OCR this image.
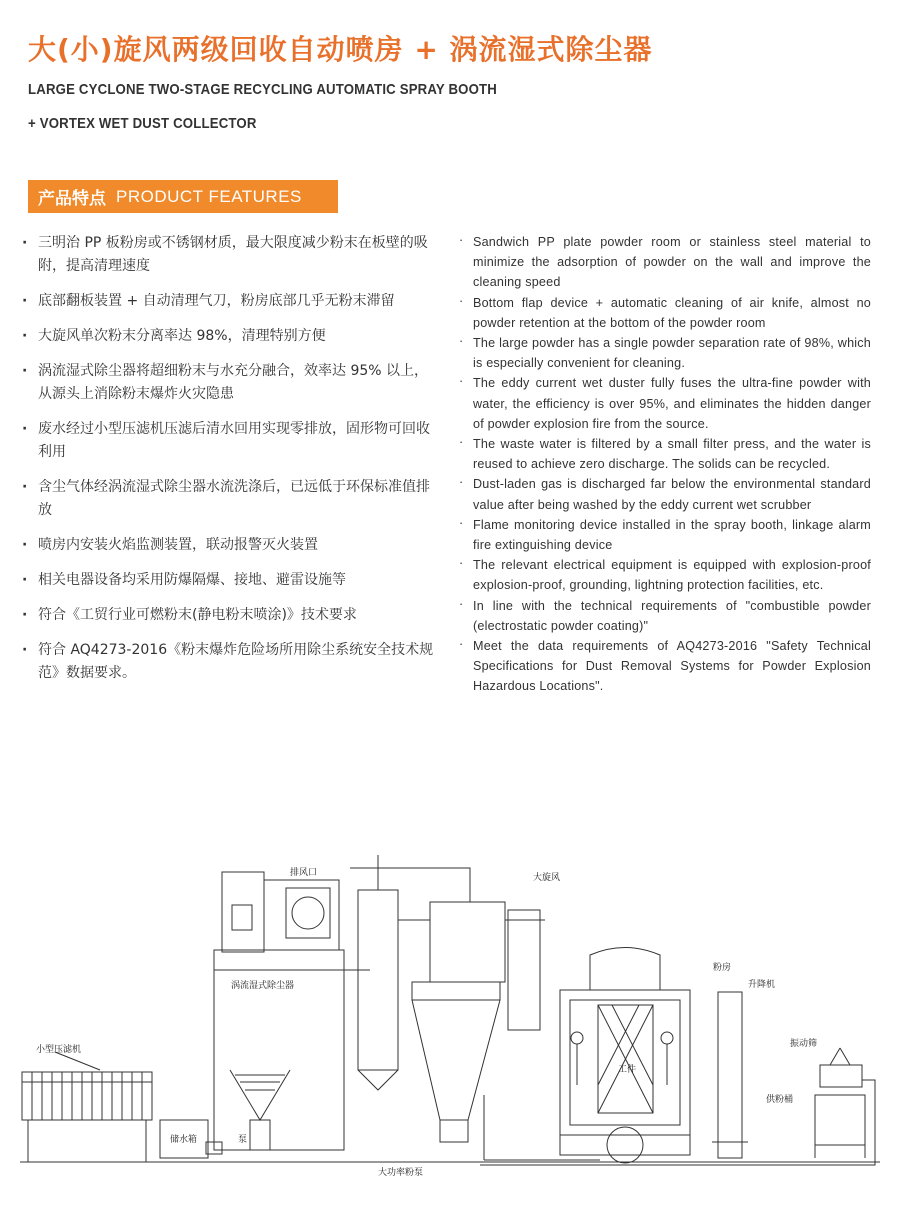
大(小)旋风两级回收自动喷房 + 涡流湿式除尘器
LARGE CYCLONE TWO-STAGE RECYCLING AUTOMATIC SPRAY BOOTH
+ VORTEX WET DUST COLLECTOR
产品特点 PRODUCT FEATURES
· 三明治 PP 板粉房或不锈钢材质，最大限度减少粉末在板壁的吸附，提高清理速度
· 底部翻板装置 + 自动清理气刀，粉房底部几乎无粉末滞留
· 大旋风单次粉末分离率达 98%，清理特别方便
· 涡流湿式除尘器将超细粉末与水充分融合，效率达 95% 以上，从源头上消除粉末爆炸火灾隐患
· 废水经过小型压滤机压滤后清水回用实现零排放，固形物可回收利用
· 含尘气体经涡流湿式除尘器水流洗涤后，已远低于环保标准值排放
· 喷房内安装火焰监测装置，联动报警灭火装置
· 相关电器设备均采用防爆隔爆、接地、避雷设施等
· 符合《工贸行业可燃粉末(静电粉末喷涂)》技术要求
· 符合 AQ4273-2016《粉末爆炸危险场所用除尘系统安全技术规范》数据要求。
· Sandwich PP plate powder room or stainless steel material to minimize the adsorption of powder on the wall and improve the cleaning speed
· Bottom flap device + automatic cleaning of air knife, almost no powder retention at the bottom of the powder room
· The large powder has a single powder separation rate of 98%, which is especially convenient for cleaning.
· The eddy current wet duster fully fuses the ultra-fine powder with water, the efficiency is over 95%, and eliminates the hidden danger of powder explosion fire from the source.
· The waste water is filtered by a small filter press, and the water is reused to achieve zero discharge. The solids can be recycled.
· Dust-laden gas is discharged far below the environmental standard value after being washed by the eddy current wet scrubber
· Flame monitoring device installed in the spray booth, linkage alarm fire extinguishing device
· The relevant electrical equipment is equipped with explosion-proof explosion-proof, grounding, lightning protection facilities, etc.
· In line with the technical requirements of "combustible powder (electrostatic powder coating)"
· Meet the data requirements of AQ4273-2016 "Safety Technical Specifications for Dust Removal Systems for Powder Explosion Hazardous Locations".
小型压滤机
储水箱
涡流湿式除尘器
排风口
泵
大旋风
大功率粉泵
工件
粉房
升降机
振动筛
供粉桶
